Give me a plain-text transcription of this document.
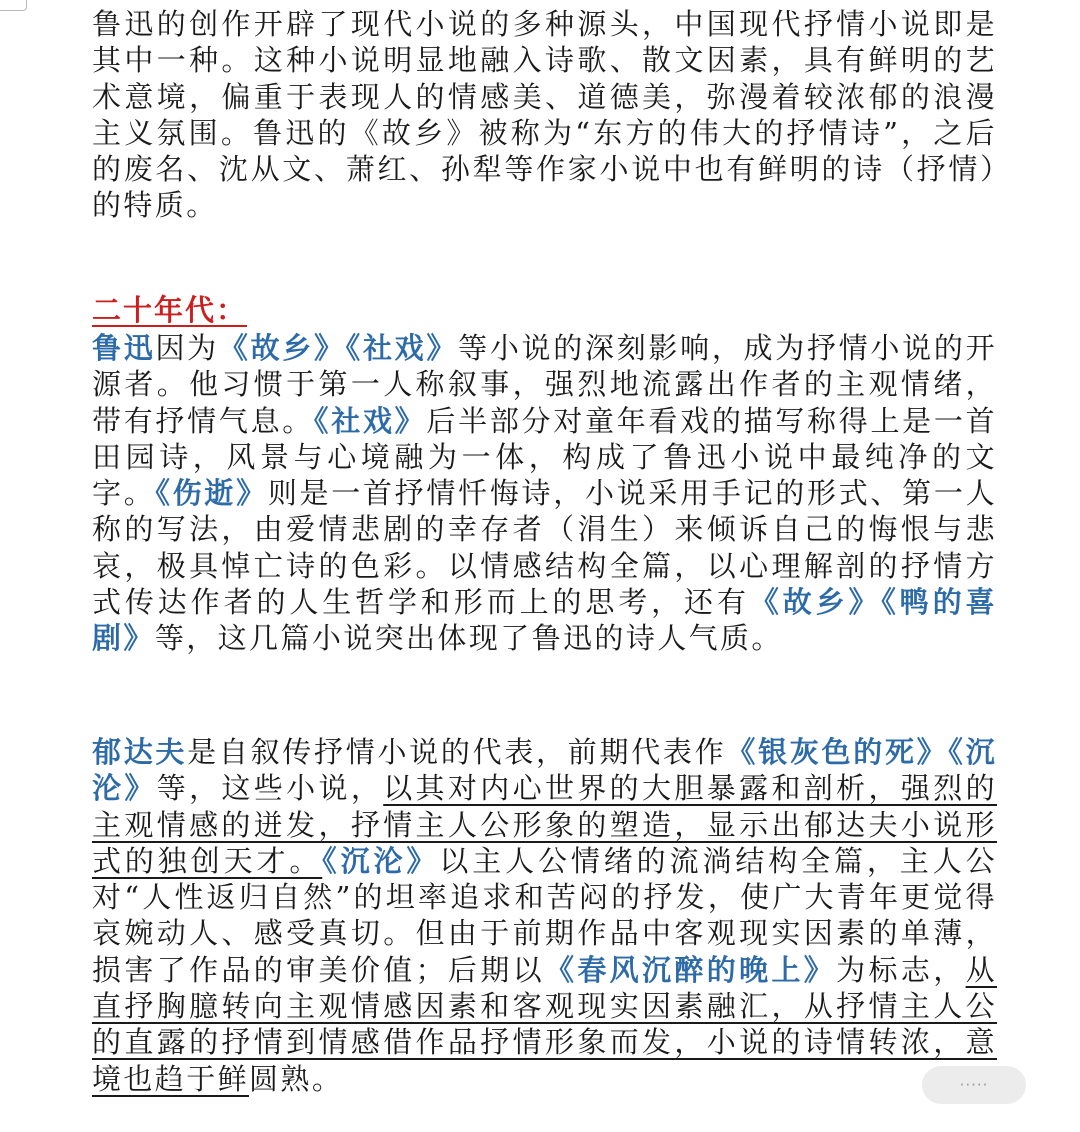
鲁迅的创作开辟了现代小说的多种源头，中国现代抒情小说即是其中一种。这种小说明显地融入诗歌、散文因素，具有鲜明的艺术意境，偏重于表现人的情感美、道德美，弥漫着较浓郁的浪漫主义氛围。鲁迅的《故乡》被称为“东方的伟大的抒情诗”，之后的废名、沈从文、萧红、孙犁等作家小说中也有鲜明的诗（抒情）的特质。

二十年代：

鲁迅因为《故乡》《社戏》等小说的深刻影响，成为抒情小说的开源者。他习惯于第一人称叙事，强烈地流露出作者的主观情绪，带有抒情气息。《社戏》后半部分对童年看戏的描写称得上是一首田园诗，风景与心境融为一体，构成了鲁迅小说中最纯净的文字。《伤逝》则是一首抒情忏悔诗，小说采用手记的形式、第一人称的写法，由爱情悲剧的幸存者（涓生）来倾诉自己的悔恨与悲哀，极具悼亡诗的色彩。以情感结构全篇，以心理解剖的抒情方式传达作者的人生哲学和形而上的思考，还有《故乡》《鸭的喜剧》等，这几篇小说突出体现了鲁迅的诗人气质。

郁达夫是自叙传抒情小说的代表，前期代表作《银灰色的死》《沉沦》等，这些小说，以其对内心世界的大胆暴露和剖析，强烈的主观情感的迸发，抒情主人公形象的塑造，显示出郁达夫小说形式的独创天才。《沉沦》以主人公情绪的流淌结构全篇，主人公对“人性返归自然”的坦率追求和苦闷的抒发，使广大青年更觉得哀婉动人、感受真切。但由于前期作品中客观现实因素的单薄，损害了作品的审美价值；后期以《春风沉醉的晚上》为标志，从直抒胸臆转向主观情感因素和客观现实因素融汇，从抒情主人公的直露的抒情到情感借作品抒情形象而发，小说的诗情转浓，意境也趋于鲜圆熟。	·····
